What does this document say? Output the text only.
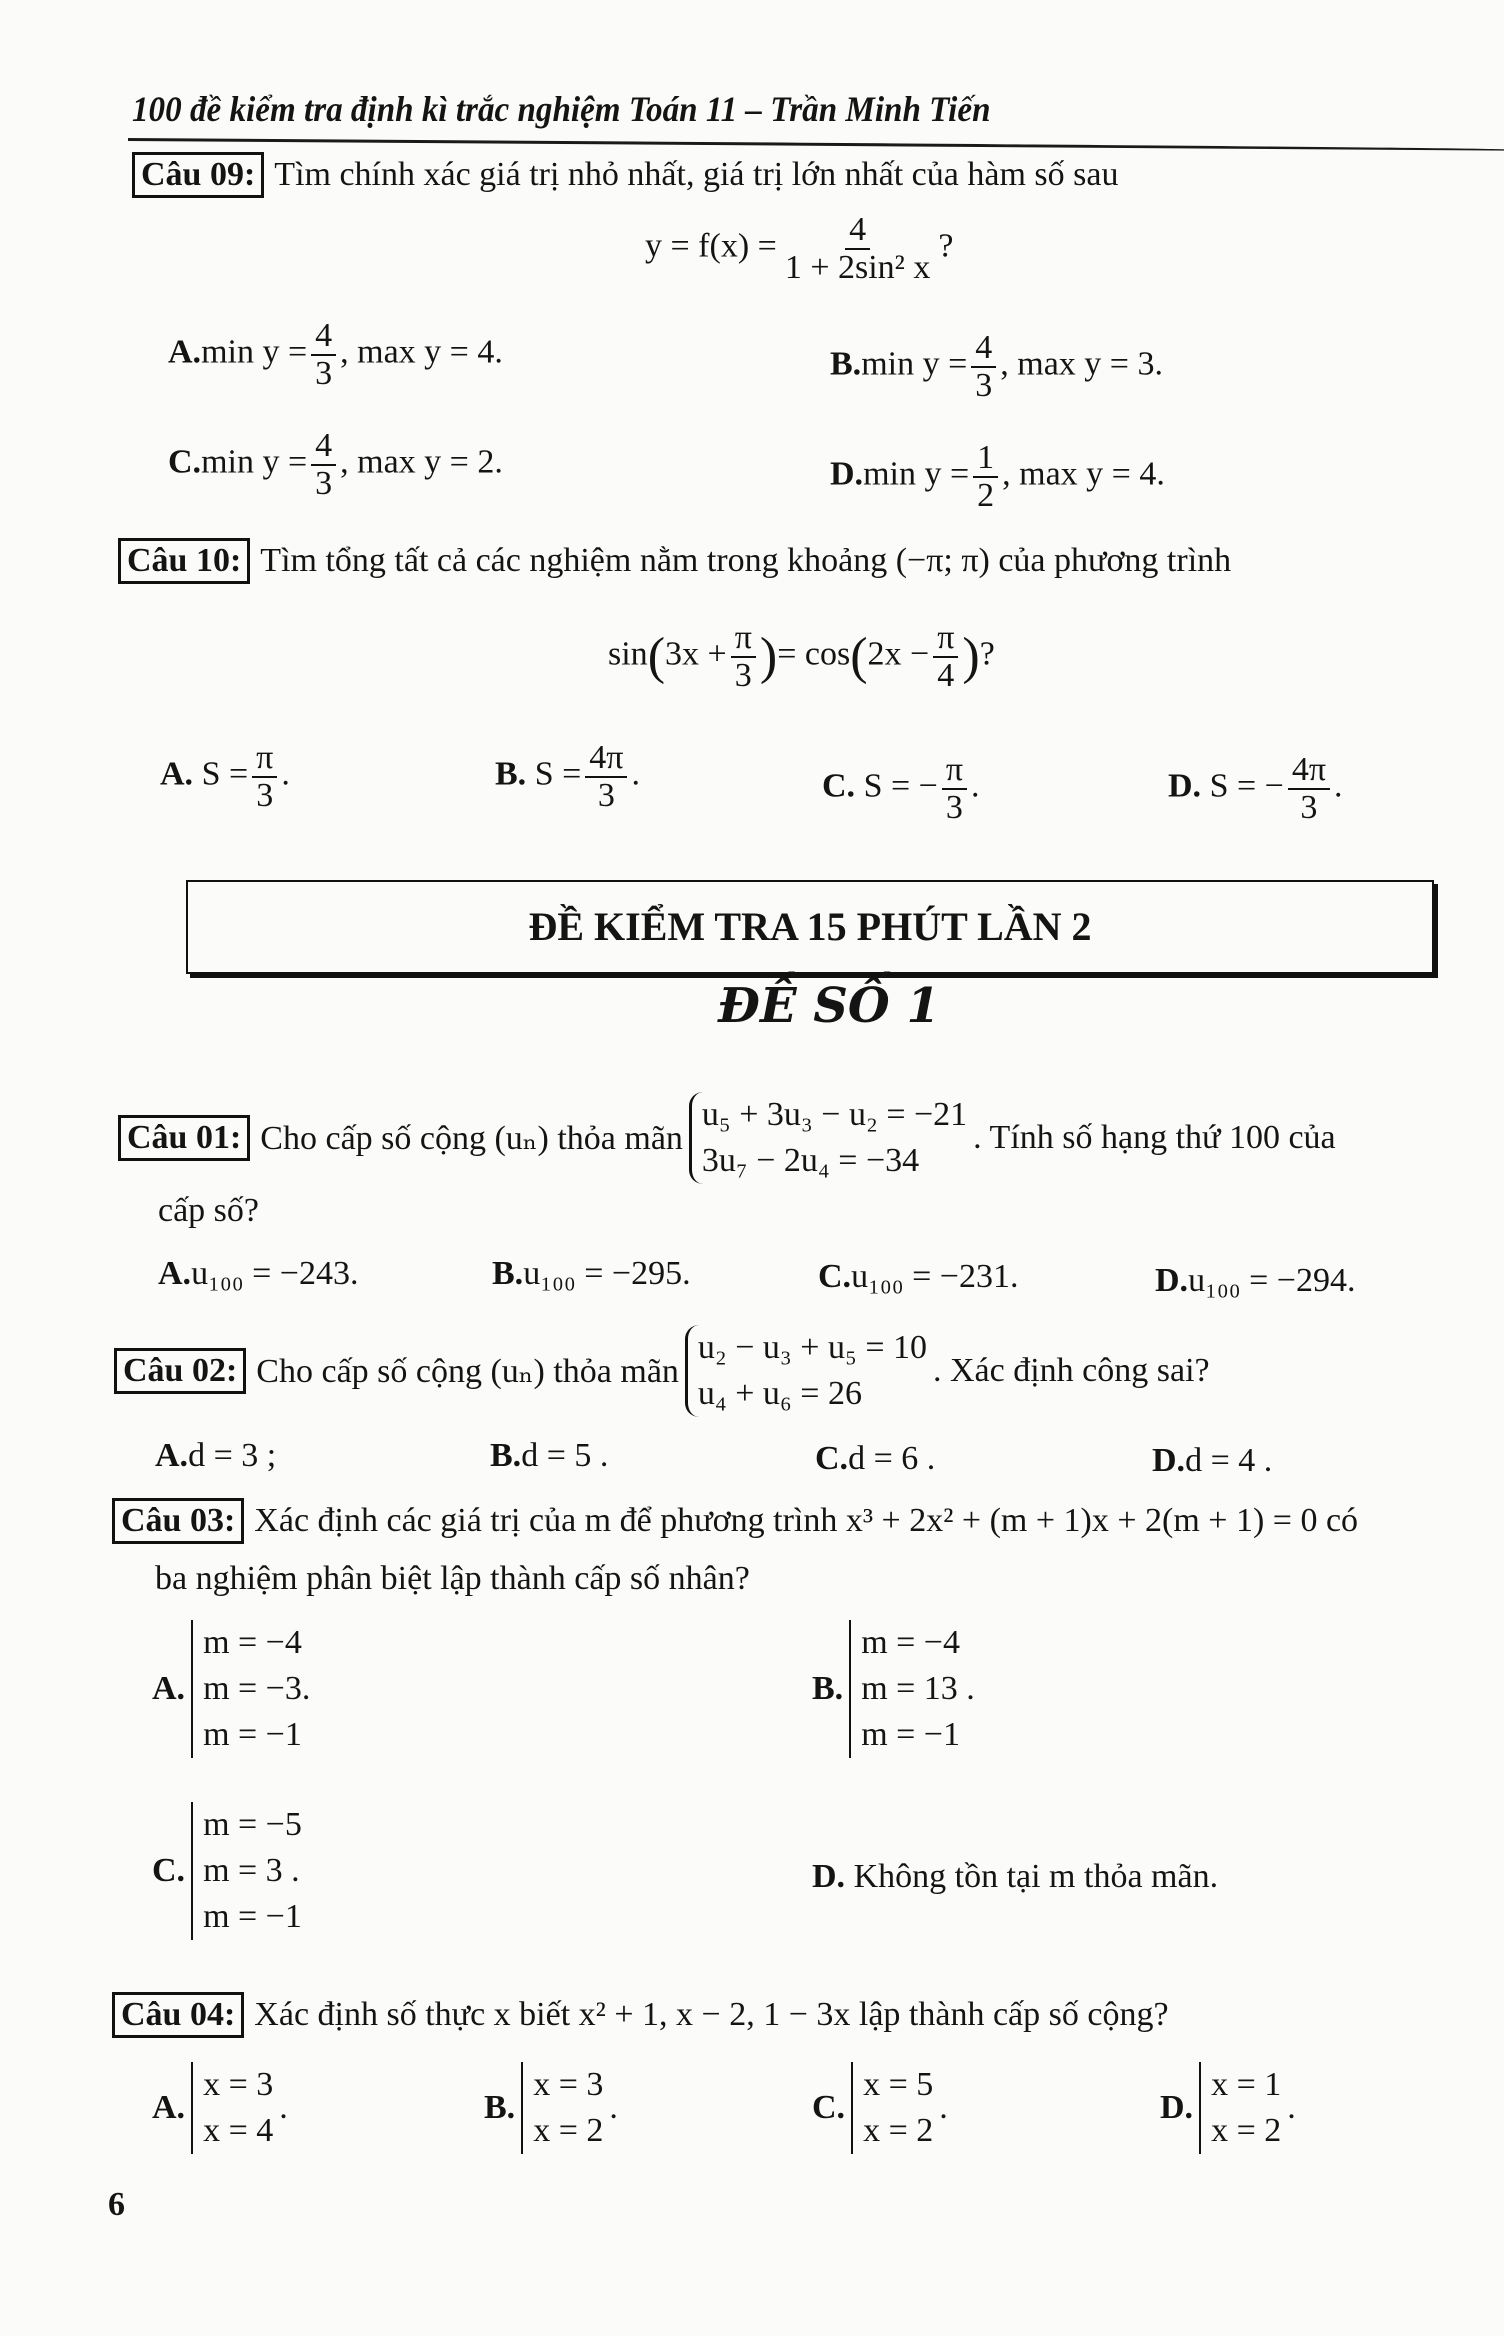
100 đề kiểm tra định kì trắc nghiệm Toán 11 – Trần Minh Tiến
Câu 09: Tìm chính xác giá trị nhỏ nhất, giá trị lớn nhất của hàm số sau
$y = f(x) = \frac{4}{\text{1 + 2sin² x}}$ ?
A.min $y = \frac{4}{3}$ , max y = 4.	B.min $y = \frac{4}{3}$ , max y = 3.
C.min $y = \frac{4}{3}$ , max y = 2.	D.min $y = \frac{1}{2}$ , max y = 4.
Câu 10: Tìm tổng tất cả các nghiệm nằm trong khoảng (−π; π) của phương trình
$\sin(3x + \frac{\pi}{3}$ )= $\cos(2x - \frac{\pi}{4}$ )?
A. $S = \frac{\pi}{3}$ .	B. $S = \frac{4\pi}{3}$ .	C. S = − $\frac{\pi}{3}$ .	D. S = − $\frac{4\pi}{3}$ .
ĐỀ KIỂM TRA 15 PHÚT LẦN 2
ĐỀ SỐ 1
Câu 01: Cho cấp số cộng (uₙ) thỏa mãn
u₅ + 3u₃ − u₂ = −21
3u₇ − 2u₄ = −34
. Tính số hạng thứ 100 của
cấp số?
A.u₁₀₀ = −243.	B.u₁₀₀ = −295.	C.u₁₀₀ = −231.	D.u₁₀₀ = −294.
Câu 02: Cho cấp số cộng (uₙ) thỏa mãn
u₂ − u₃ + u₅ = 10
u₄ + u₆ = 26
. Xác định công sai?
A.d = 3 ;	B.d = 5 .	C.d = 6 .	D.d = 4 .
Câu 03: Xác định các giá trị của m để phương trình x³ + 2x² + (m + 1)x + 2(m + 1) = 0 có
ba nghiệm phân biệt lập thành cấp số nhân?
A.
m = −4
m = −3.
m = −1
B.
m = −4
m = 13 .
m = −1
C.
m = −5
m = 3 .
m = −1
D. Không tồn tại m thỏa mãn.
Câu 04: Xác định số thực x biết x² + 1, x − 2, 1 − 3x lập thành cấp số cộng?
A.
x = 3
x = 4
.	B.
x = 3
x = 2
.	C.
x = 5
x = 2
.	D.
x = 1
x = 2
.
6
